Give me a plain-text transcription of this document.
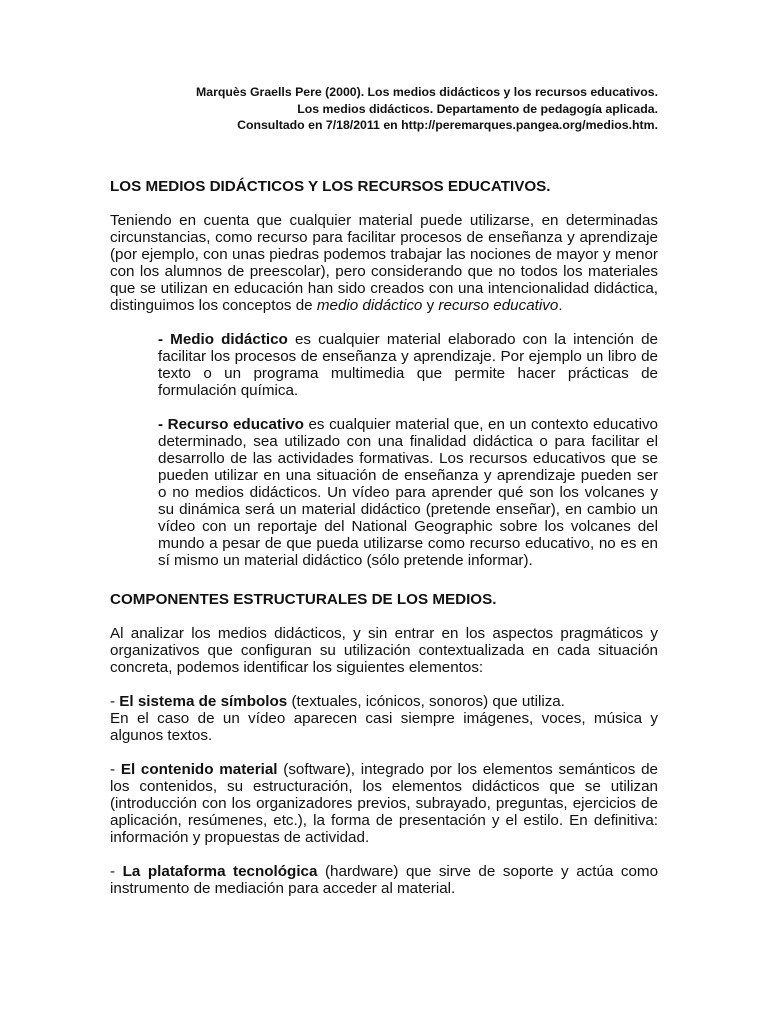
Marquès Graells Pere (2000). Los medios didácticos y los recursos educativos.
Los medios didácticos. Departamento de pedagogía aplicada.
Consultado en 7/18/2011 en http://peremarques.pangea.org/medios.htm.
LOS MEDIOS DIDÁCTICOS Y LOS RECURSOS EDUCATIVOS.

Teniendo en cuenta que cualquier material puede utilizarse, en determinadas circunstancias, como recurso para facilitar procesos de enseñanza y aprendizaje (por ejemplo, con unas piedras podemos trabajar las nociones de mayor y menor con los alumnos de preescolar), pero considerando que no todos los materiales que se utilizan en educación han sido creados con una intencionalidad didáctica, distinguimos los conceptos de medio didáctico y recurso educativo.

- Medio didáctico es cualquier material elaborado con la intención de facilitar los procesos de enseñanza y aprendizaje. Por ejemplo un libro de texto o un programa multimedia que permite hacer prácticas de formulación química.

- Recurso educativo es cualquier material que, en un contexto educativo determinado, sea utilizado con una finalidad didáctica o para facilitar el desarrollo de las actividades formativas. Los recursos educativos que se pueden utilizar en una situación de enseñanza y aprendizaje pueden ser o no medios didácticos. Un vídeo para aprender qué son los volcanes y su dinámica será un material didáctico (pretende enseñar), en cambio un vídeo con un reportaje del National Geographic sobre los volcanes del mundo a pesar de que pueda utilizarse como recurso educativo, no es en sí mismo un material didáctico (sólo pretende informar).

COMPONENTES ESTRUCTURALES DE LOS MEDIOS.

Al analizar los medios didácticos, y sin entrar en los aspectos pragmáticos y organizativos que configuran su utilización contextualizada en cada situación concreta, podemos identificar los siguientes elementos:

- El sistema de símbolos (textuales, icónicos, sonoros) que utiliza.

En el caso de un vídeo aparecen casi siempre imágenes, voces, música y algunos textos.

- El contenido material (software), integrado por los elementos semánticos de los contenidos, su estructuración, los elementos didácticos que se utilizan (introducción con los organizadores previos, subrayado, preguntas, ejercicios de aplicación, resúmenes, etc.), la forma de presentación y el estilo. En definitiva: información y propuestas de actividad.

- La plataforma tecnológica (hardware) que sirve de soporte y actúa como instrumento de mediación para acceder al material.
